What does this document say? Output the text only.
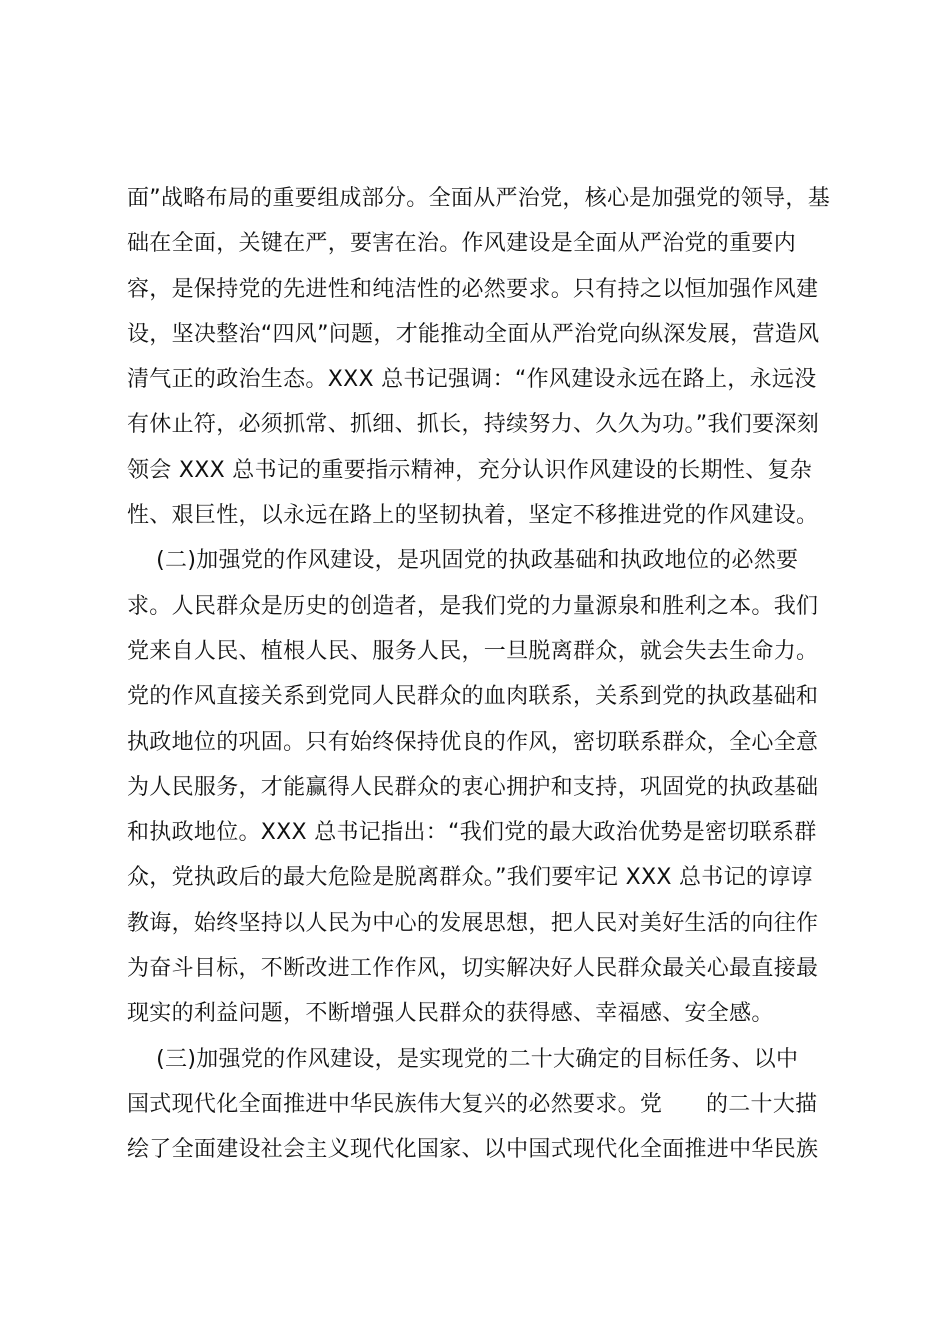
面”战略布局的重要组成部分。全面从严治党，核心是加强党的领导，基
础在全面，关键在严，要害在治。作风建设是全面从严治党的重要内
容，是保持党的先进性和纯洁性的必然要求。只有持之以恒加强作风建
设，坚决整治“四风”问题，才能推动全面从严治党向纵深发展，营造风
清气正的政治生态。XXX 总书记强调：“作风建设永远在路上，永远没
有休止符，必须抓常、抓细、抓长，持续努力、久久为功。”我们要深刻
领会 XXX 总书记的重要指示精神，充分认识作风建设的长期性、复杂
性、艰巨性，以永远在路上的坚韧执着，坚定不移推进党的作风建设。
(二)加强党的作风建设，是巩固党的执政基础和执政地位的必然要
求。人民群众是历史的创造者，是我们党的力量源泉和胜利之本。我们
党来自人民、植根人民、服务人民，一旦脱离群众，就会失去生命力。
党的作风直接关系到党同人民群众的血肉联系，关系到党的执政基础和
执政地位的巩固。只有始终保持优良的作风，密切联系群众，全心全意
为人民服务，才能赢得人民群众的衷心拥护和支持，巩固党的执政基础
和执政地位。XXX 总书记指出：“我们党的最大政治优势是密切联系群
众，党执政后的最大危险是脱离群众。”我们要牢记 XXX 总书记的谆谆
教诲，始终坚持以人民为中心的发展思想，把人民对美好生活的向往作
为奋斗目标，不断改进工作作风，切实解决好人民群众最关心最直接最
现实的利益问题，不断增强人民群众的获得感、幸福感、安全感。
(三)加强党的作风建设，是实现党的二十大确定的目标任务、以中
国式现代化全面推进中华民族伟大复兴的必然要求。党      的二十大描
绘了全面建设社会主义现代化国家、以中国式现代化全面推进中华民族
